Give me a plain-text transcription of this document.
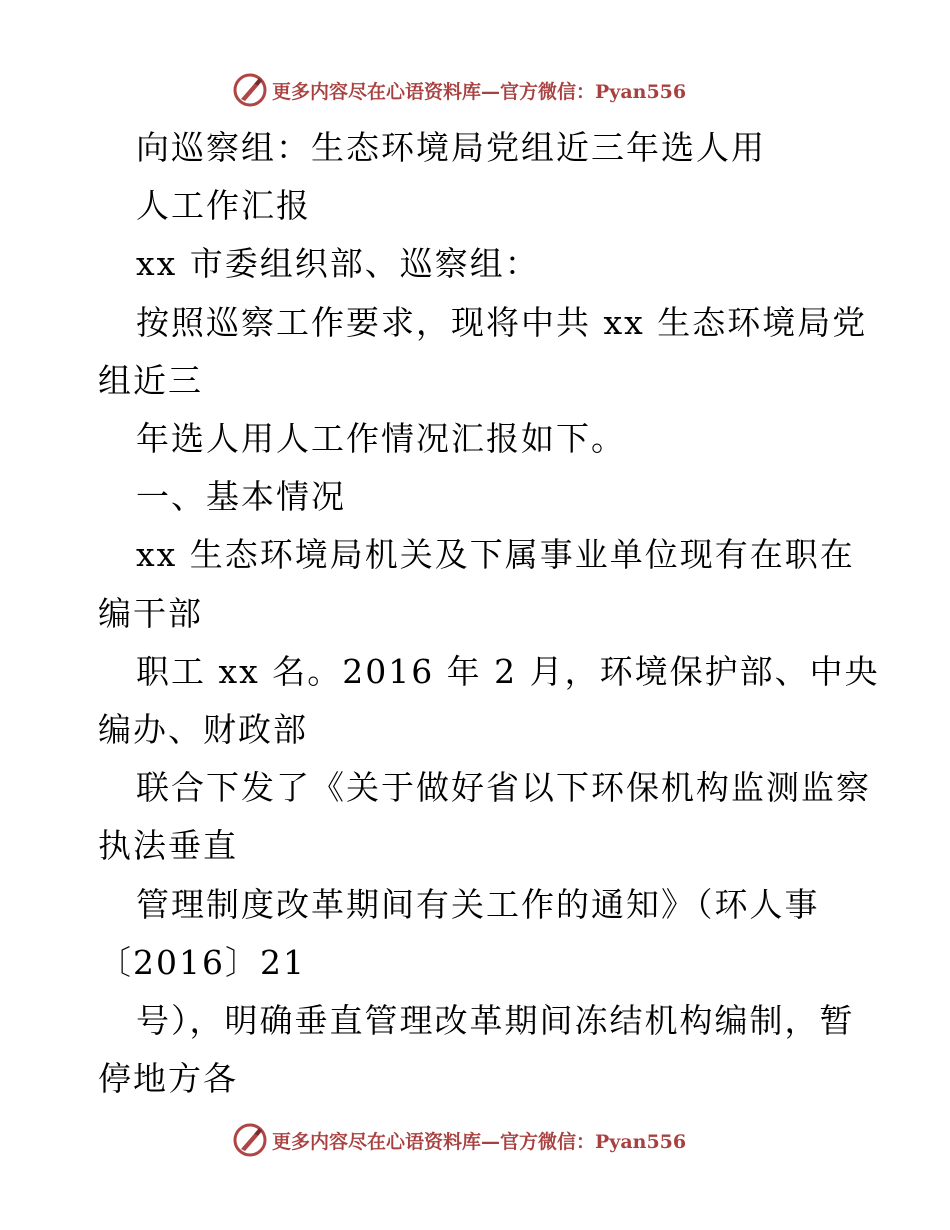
更多内容尽在心语资料库—官方微信：Pyan556
向巡察组：生态环境局党组近三年选人用
人工作汇报
xx 市委组织部、巡察组：
按照巡察工作要求，现将中共 xx 生态环境局党
组近三
年选人用人工作情况汇报如下。
一、基本情况
xx 生态环境局机关及下属事业单位现有在职在
编干部
职工 xx 名。2016 年 2 月，环境保护部、中央
编办、财政部
联合下发了《关于做好省以下环保机构监测监察
执法垂直
管理制度改革期间有关工作的通知》（环人事
〔2016〕21
号），明确垂直管理改革期间冻结机构编制，暂
停地方各
更多内容尽在心语资料库—官方微信：Pyan556
